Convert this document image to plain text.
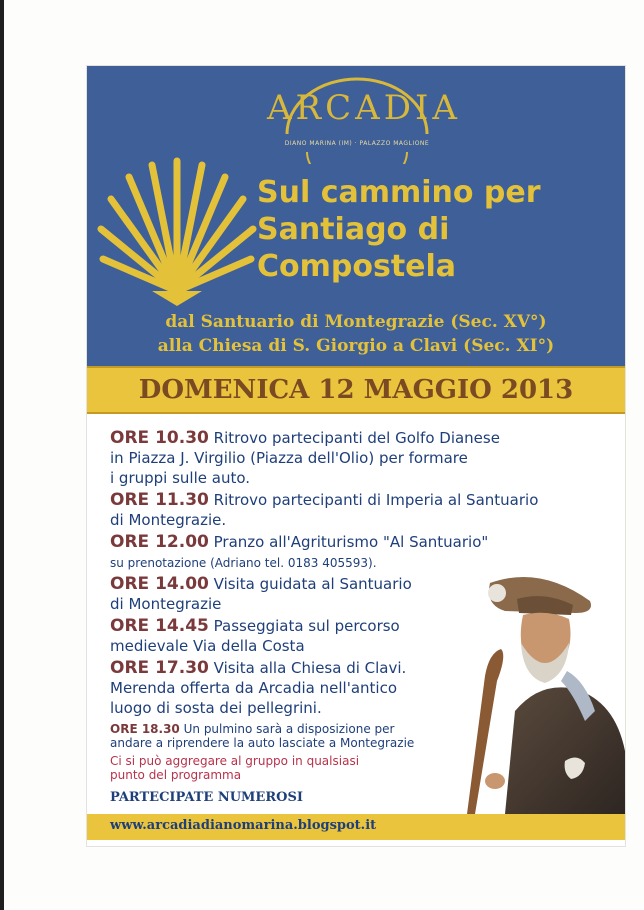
ARCADIA
DIANO MARINA (IM) · PALAZZO MAGLIONE
Sul cammino per
Santiago di
Compostela
dal Santuario di Montegrazie (Sec. XV°)
alla Chiesa di S. Giorgio a Clavi (Sec. XI°)
DOMENICA 12 MAGGIO 2013
ORE 10.30 Ritrovo partecipanti del Golfo Dianese
in Piazza J. Virgilio (Piazza dell'Olio) per formare
i gruppi sulle auto.
ORE 11.30 Ritrovo partecipanti di Imperia al Santuario
di Montegrazie.
ORE 12.00 Pranzo all'Agriturismo "Al Santuario"
su prenotazione (Adriano tel. 0183 405593).
ORE 14.00 Visita guidata al Santuario
di Montegrazie
ORE 14.45 Passeggiata sul percorso
medievale Via della Costa
ORE 17.30 Visita alla Chiesa di Clavi.
Merenda offerta da Arcadia nell'antico
luogo di sosta dei pellegrini.
ORE 18.30 Un pulmino sarà a disposizione per
andare a riprendere la auto lasciate a Montegrazie
Ci si può aggregare al gruppo in qualsiasi
punto del programma
PARTECIPATE NUMEROSI
www.arcadiadianomarina.blogspot.it
